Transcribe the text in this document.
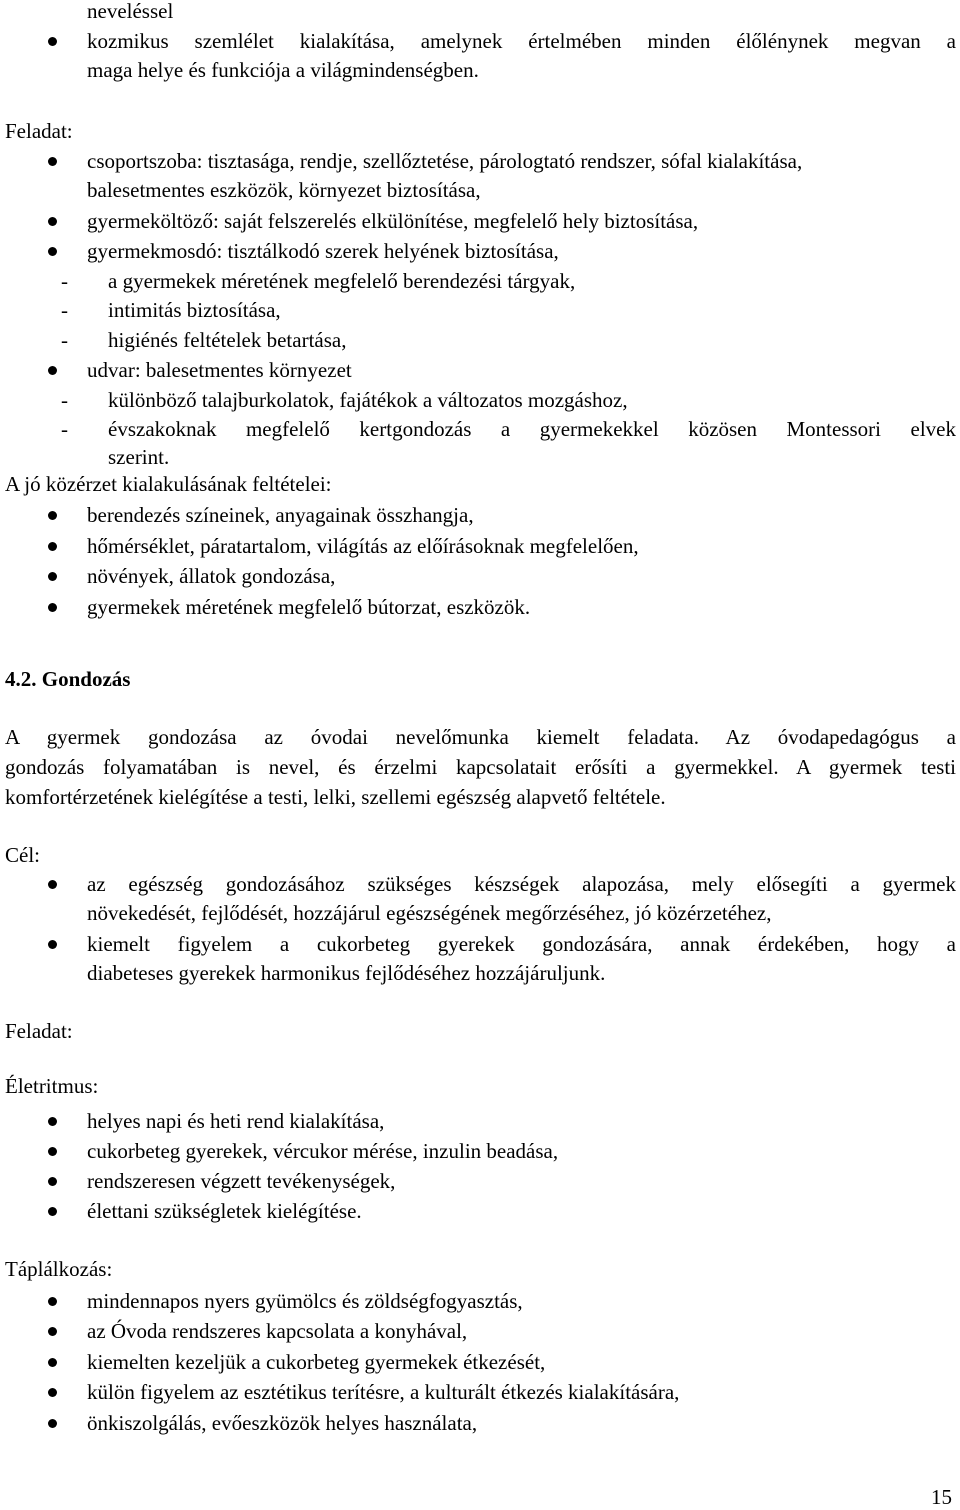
neveléssel
kozmikus szemlélet kialakítása, amelynek értelmében minden élőlénynek megvan a
maga helye és funkciója a világmindenségben.
Feladat:
csoportszoba: tisztasága, rendje, szellőztetése, párologtató rendszer, sófal kialakítása,
balesetmentes eszközök, környezet biztosítása,
gyermeköltöző: saját felszerelés elkülönítése, megfelelő hely biztosítása,
gyermekmosdó: tisztálkodó szerek helyének biztosítása,
- a gyermekek méretének megfelelő berendezési tárgyak,
- intimitás biztosítása,
- higiénés feltételek betartása,
udvar: balesetmentes környezet
- különböző talajburkolatok, fajátékok a változatos mozgáshoz,
- évszakoknak megfelelő kertgondozás a gyermekekkel közösen Montessori elvek
szerint.
A jó közérzet kialakulásának feltételei:
berendezés színeinek, anyagainak összhangja,
hőmérséklet, páratartalom, világítás az előírásoknak megfelelően,
növények, állatok gondozása,
gyermekek méretének megfelelő bútorzat, eszközök.
4.2. Gondozás
A gyermek gondozása az óvodai nevelőmunka kiemelt feladata. Az óvodapedagógus a
gondozás folyamatában is nevel, és érzelmi kapcsolatait erősíti a gyermekkel. A gyermek testi
komfortérzetének kielégítése a testi, lelki, szellemi egészség alapvető feltétele.
Cél:
az egészség gondozásához szükséges készségek alapozása, mely elősegíti a gyermek
növekedését, fejlődését, hozzájárul egészségének megőrzéséhez, jó közérzetéhez,
kiemelt figyelem a cukorbeteg gyerekek gondozására, annak érdekében, hogy a
diabeteses gyerekek harmonikus fejlődéséhez hozzájáruljunk.
Feladat:
Életritmus:
helyes napi és heti rend kialakítása,
cukorbeteg gyerekek, vércukor mérése, inzulin beadása,
rendszeresen végzett tevékenységek,
élettani szükségletek kielégítése.
Táplálkozás:
mindennapos nyers gyümölcs és zöldségfogyasztás,
az Óvoda rendszeres kapcsolata a konyhával,
kiemelten kezeljük a cukorbeteg gyermekek étkezését,
külön figyelem az esztétikus terítésre, a kulturált étkezés kialakítására,
önkiszolgálás, evőeszközök helyes használata,
15
